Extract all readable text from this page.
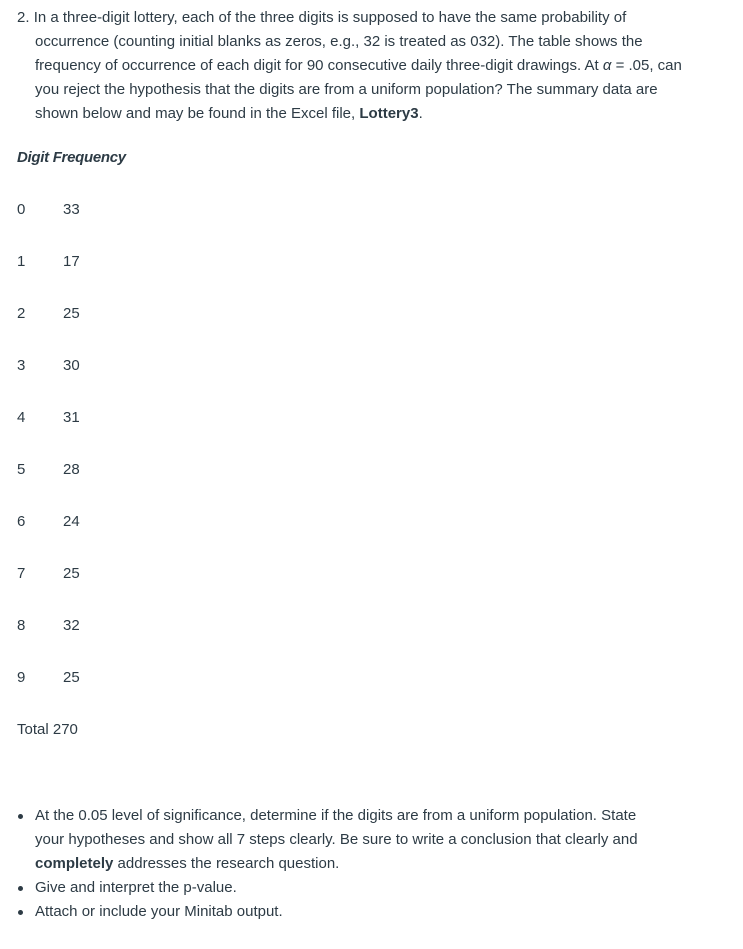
2. In a three-digit lottery, each of the three digits is supposed to have the same probability of occurrence (counting initial blanks as zeros, e.g., 32 is treated as 032). The table shows the frequency of occurrence of each digit for 90 consecutive daily three-digit drawings. At α = .05, can you reject the hypothesis that the digits are from a uniform population? The summary data are shown below and may be found in the Excel file, Lottery3.
Digit Frequency
0	33
1	17
2	25
3	30
4	31
5	28
6	24
7	25
8	32
9	25
Total 270
At the 0.05 level of significance, determine if the digits are from a uniform population. State your hypotheses and show all 7 steps clearly. Be sure to write a conclusion that clearly and completely addresses the research question.
Give and interpret the p-value.
Attach or include your Minitab output.
